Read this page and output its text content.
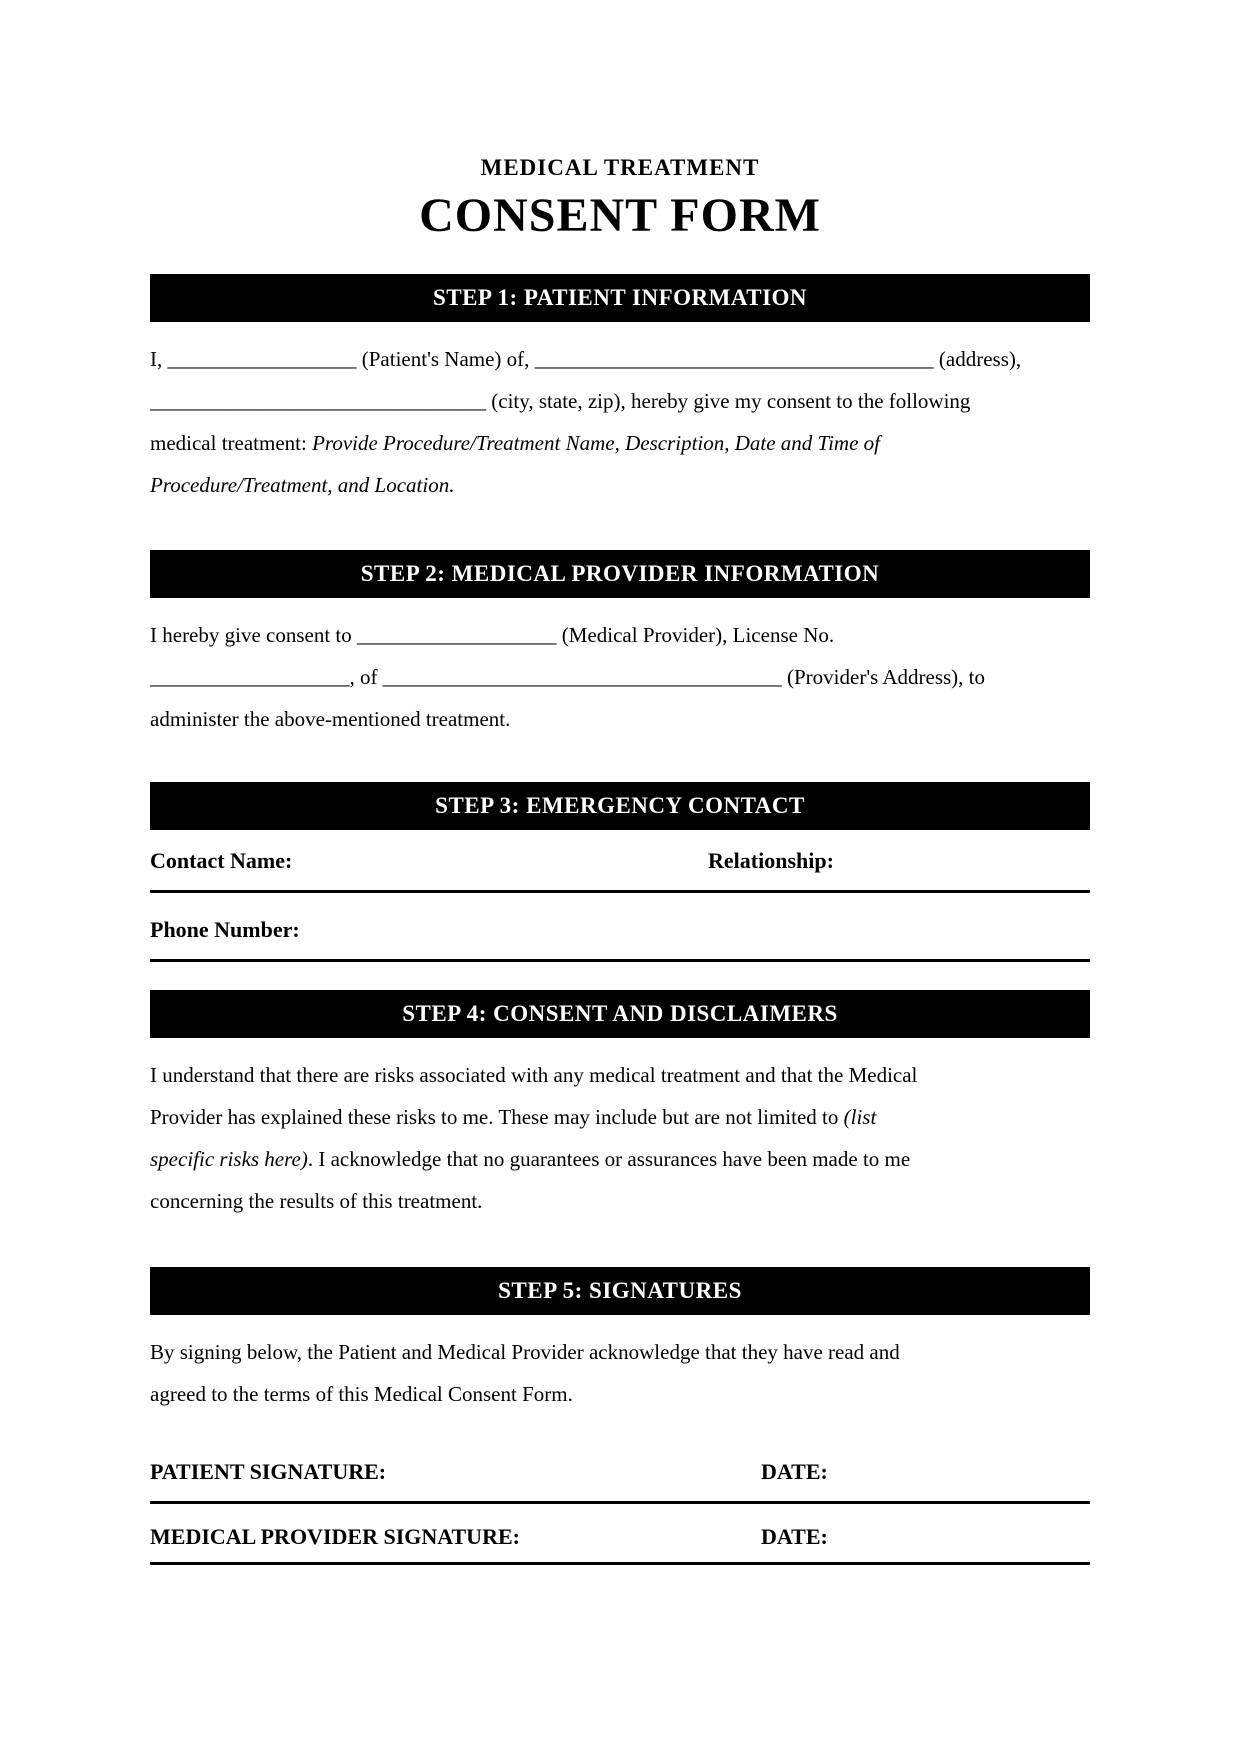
MEDICAL TREATMENT
CONSENT FORM
STEP 1: PATIENT INFORMATION
I, __________________ (Patient's Name) of, ______________________________________ (address),
________________________________ (city, state, zip), hereby give my consent to the following
medical treatment: Provide Procedure/Treatment Name, Description, Date and Time of
Procedure/Treatment, and Location.
STEP 2: MEDICAL PROVIDER INFORMATION
I hereby give consent to ___________________ (Medical Provider), License No.
___________________, of ______________________________________ (Provider's Address), to
administer the above-mentioned treatment.
STEP 3: EMERGENCY CONTACT
Contact Name:	Relationship:
Phone Number:
STEP 4: CONSENT AND DISCLAIMERS
I understand that there are risks associated with any medical treatment and that the Medical
Provider has explained these risks to me. These may include but are not limited to (list
specific risks here). I acknowledge that no guarantees or assurances have been made to me
concerning the results of this treatment.
STEP 5: SIGNATURES
By signing below, the Patient and Medical Provider acknowledge that they have read and
agreed to the terms of this Medical Consent Form.
PATIENT SIGNATURE:	DATE:
MEDICAL PROVIDER SIGNATURE:	DATE:
